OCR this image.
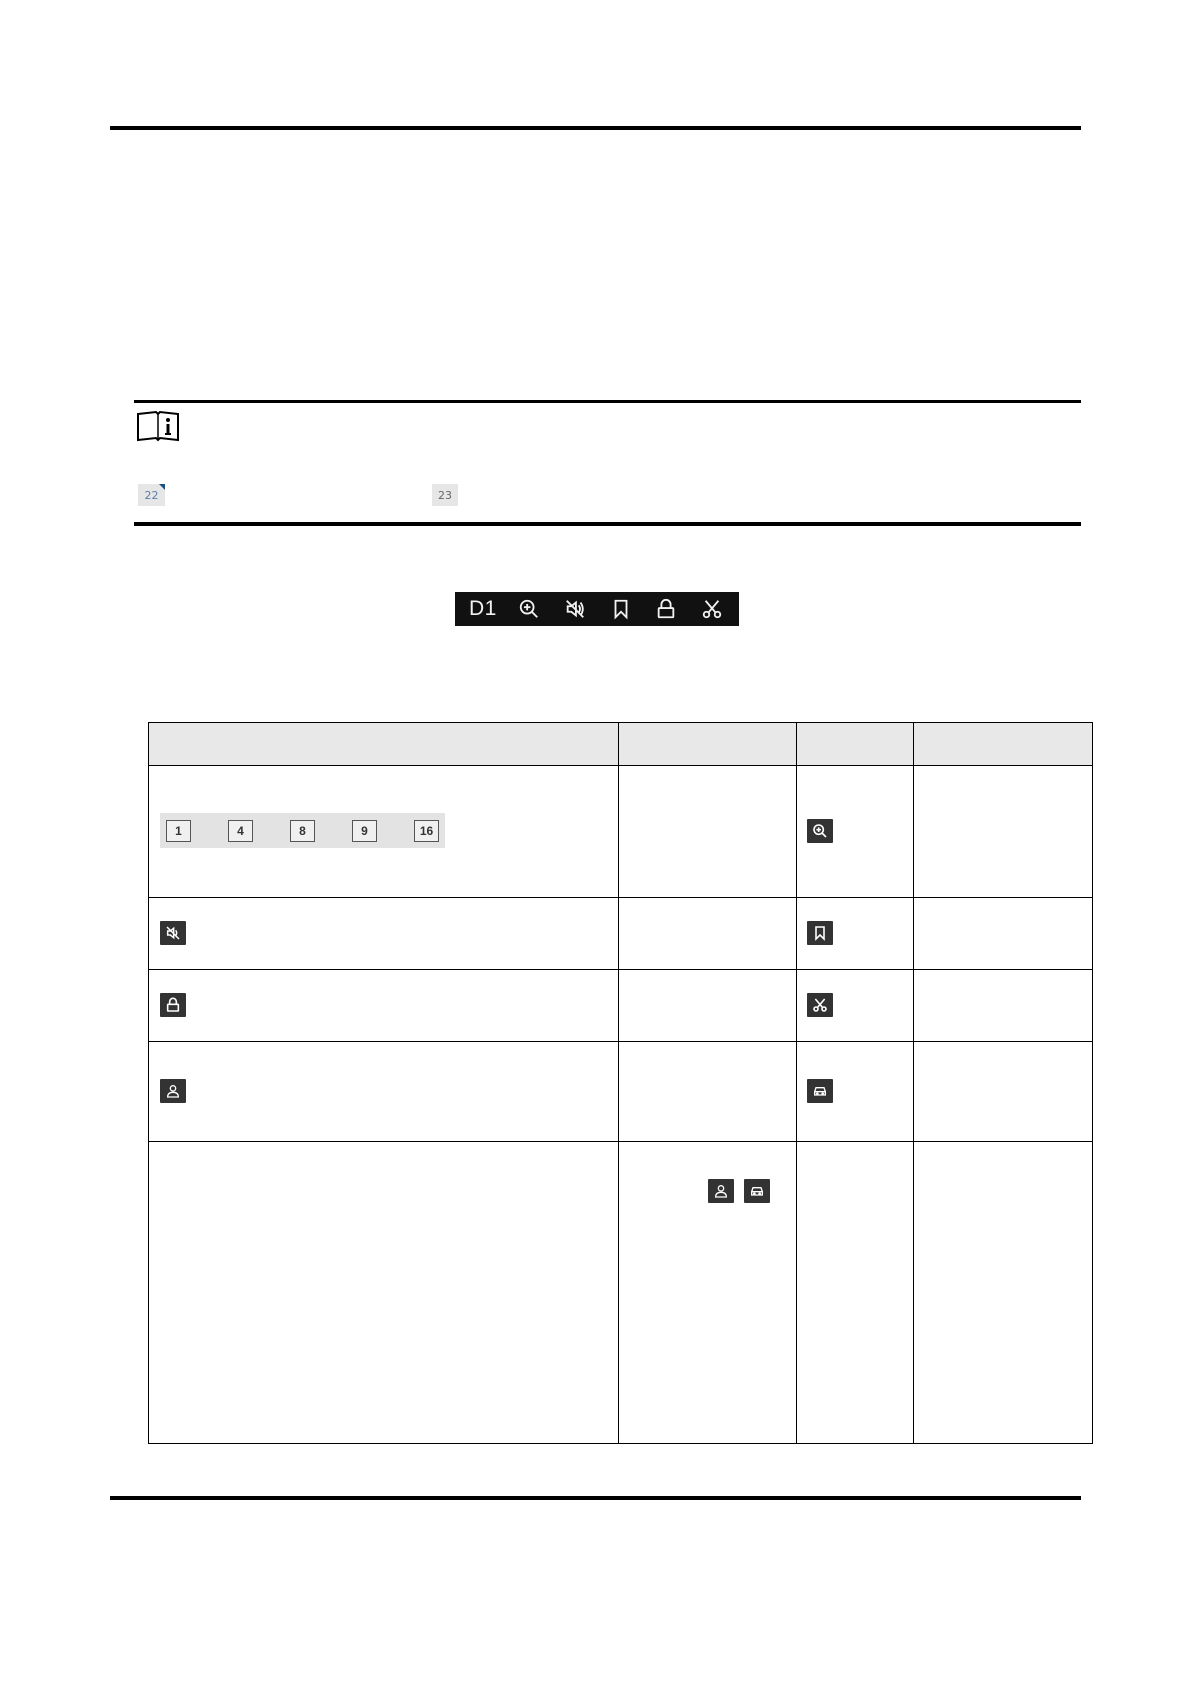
22	23
D1

1 4 8 9 16
